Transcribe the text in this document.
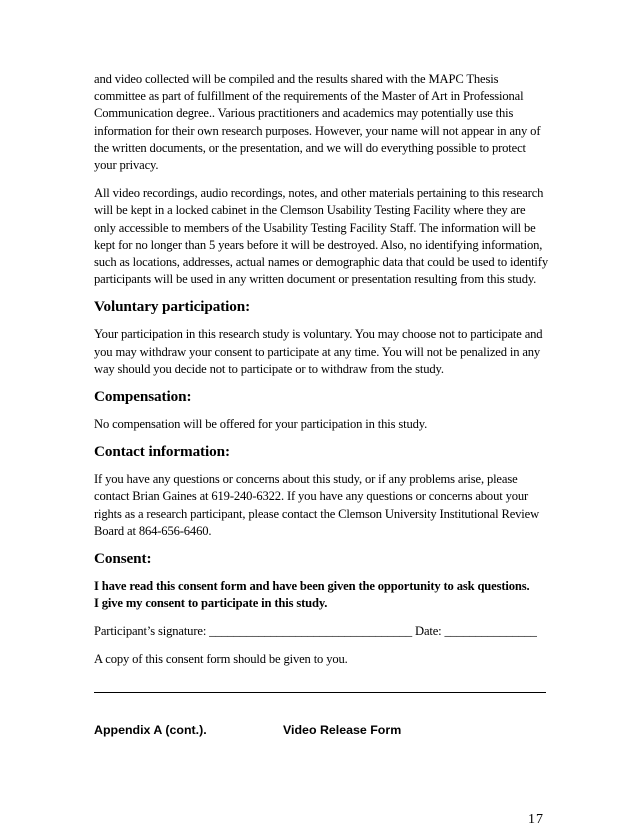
and video collected will be compiled and the results shared with the MAPC Thesis committee as part of fulfillment of the requirements of the Master of Art in Professional Communication degree.. Various practitioners and academics may potentially use this information for their own research purposes. However, your name will not appear in any of the written documents, or the presentation, and we will do everything possible to protect your privacy.

All video recordings, audio recordings, notes, and other materials pertaining to this research will be kept in a locked cabinet in the Clemson Usability Testing Facility where they are only accessible to members of the Usability Testing Facility Staff. The information will be kept for no longer than 5 years before it will be destroyed. Also, no identifying information, such as locations, addresses, actual names or demographic data that could be used to identify participants will be used in any written document or presentation resulting from this study.

Voluntary participation:

Your participation in this research study is voluntary. You may choose not to participate and you may withdraw your consent to participate at any time. You will not be penalized in any way should you decide not to participate or to withdraw from the study.

Compensation:

No compensation will be offered for your participation in this study.

Contact information:

If you have any questions or concerns about this study, or if any problems arise, please contact Brian Gaines at 619-240-6322. If you have any questions or concerns about your rights as a research participant, please contact the Clemson University Institutional Review Board at 864-656-6460.

Consent:

I have read this consent form and have been given the opportunity to ask questions.
I give my consent to participate in this study.

Participant’s signature: _________________________________ Date: _______________

A copy of this consent form should be given to you.

Appendix A (cont.).	Video Release Form
17
